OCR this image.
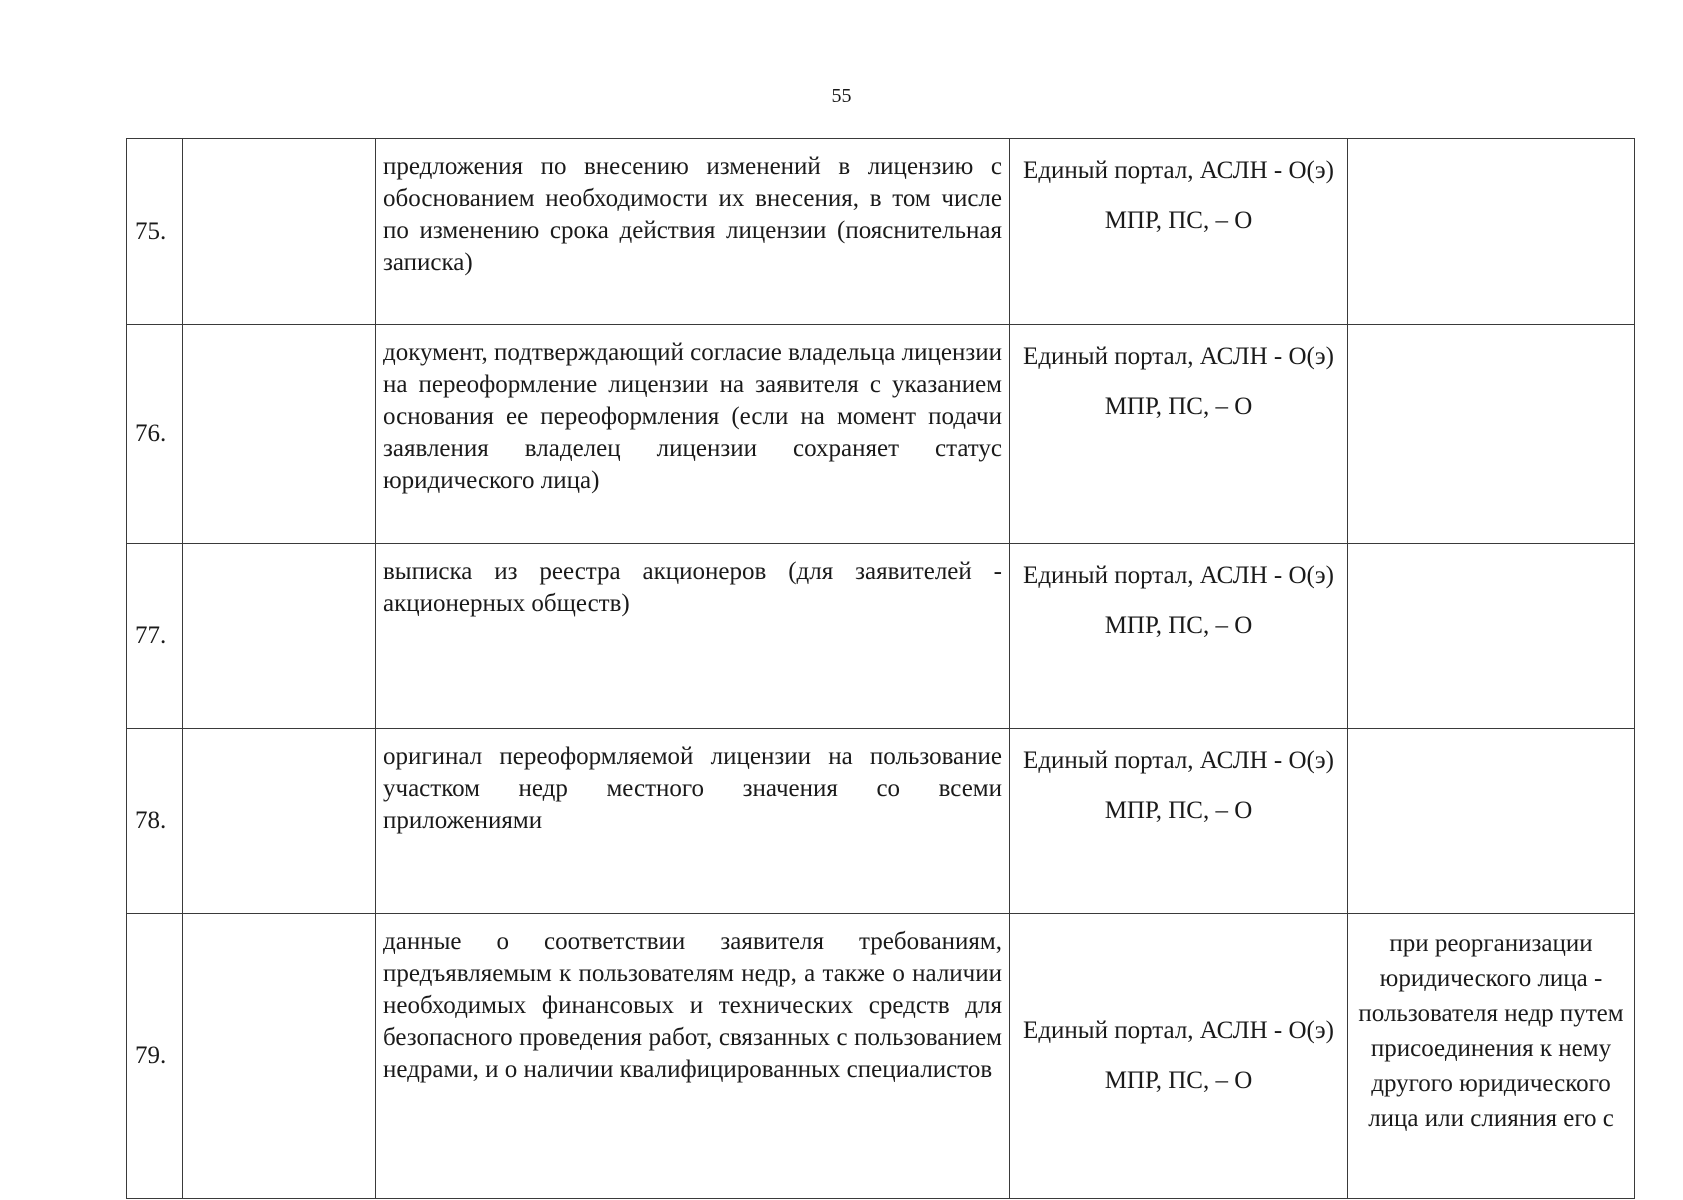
55
75.		предложения по внесению изменений в лицензию с обоснованием необходимости их внесения, в том числе по изменению срока действия лицензии (пояснительная записка)	Единый портал, АСЛН - О(э)
МПР, ПС, – О	

76.		документ, подтверждающий согласие владельца лицензии на переоформление лицензии на заявителя с указанием основания ее переоформления (если на момент подачи заявления владелец лицензии сохраняет статус юридического лица)	Единый портал, АСЛН - О(э)
МПР, ПС, – О	

77.		выписка из реестра акционеров (для заявителей - акционерных обществ)	Единый портал, АСЛН - О(э)
МПР, ПС, – О	

78.		оригинал переоформляемой лицензии на пользование участком недр местного значения со всеми приложениями	Единый портал, АСЛН - О(э)
МПР, ПС, – О	

79.		данные о соответствии заявителя требованиям, предъявляемым к пользователям недр, а также о наличии необходимых финансовых и технических средств для безопасного проведения работ, связанных с пользованием недрами, и о наличии квалифицированных специалистов	Единый портал, АСЛН - О(э)
МПР, ПС, – О	при реорганизации юридического лица - пользователя недр путем присоединения к нему другого юридического лица или слияния его с
